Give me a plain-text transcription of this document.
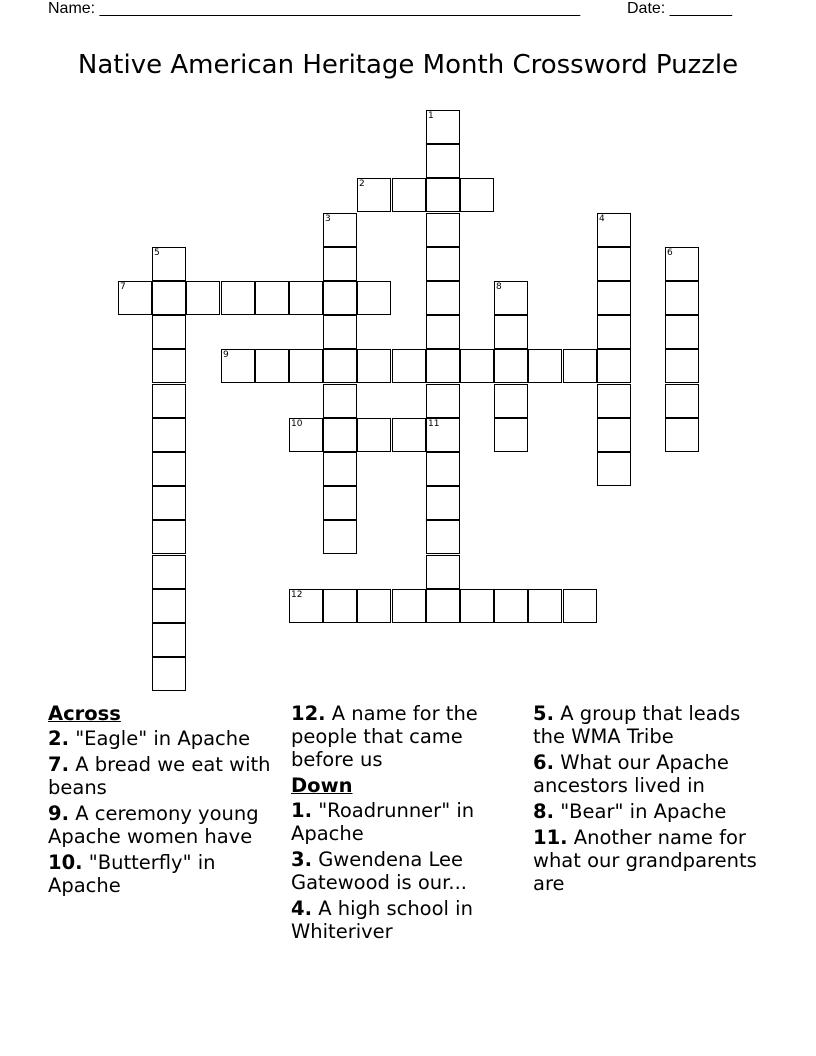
Name: ______________________________________________________	Date: _______
Native American Heritage Month Crossword Puzzle
1
2
3	4
5	6
7	8
9
10	11
12
Across
2. "Eagle" in Apache
7. A bread we eat with beans
9. A ceremony young Apache women have
10. "Butterfly" in Apache
12. A name for the people that came before us
Down
1. "Roadrunner" in Apache
3. Gwendena Lee Gatewood is our...
4. A high school in Whiteriver
5. A group that leads the WMA Tribe
6. What our Apache ancestors lived in
8. "Bear" in Apache
11. Another name for what our grandparents are
